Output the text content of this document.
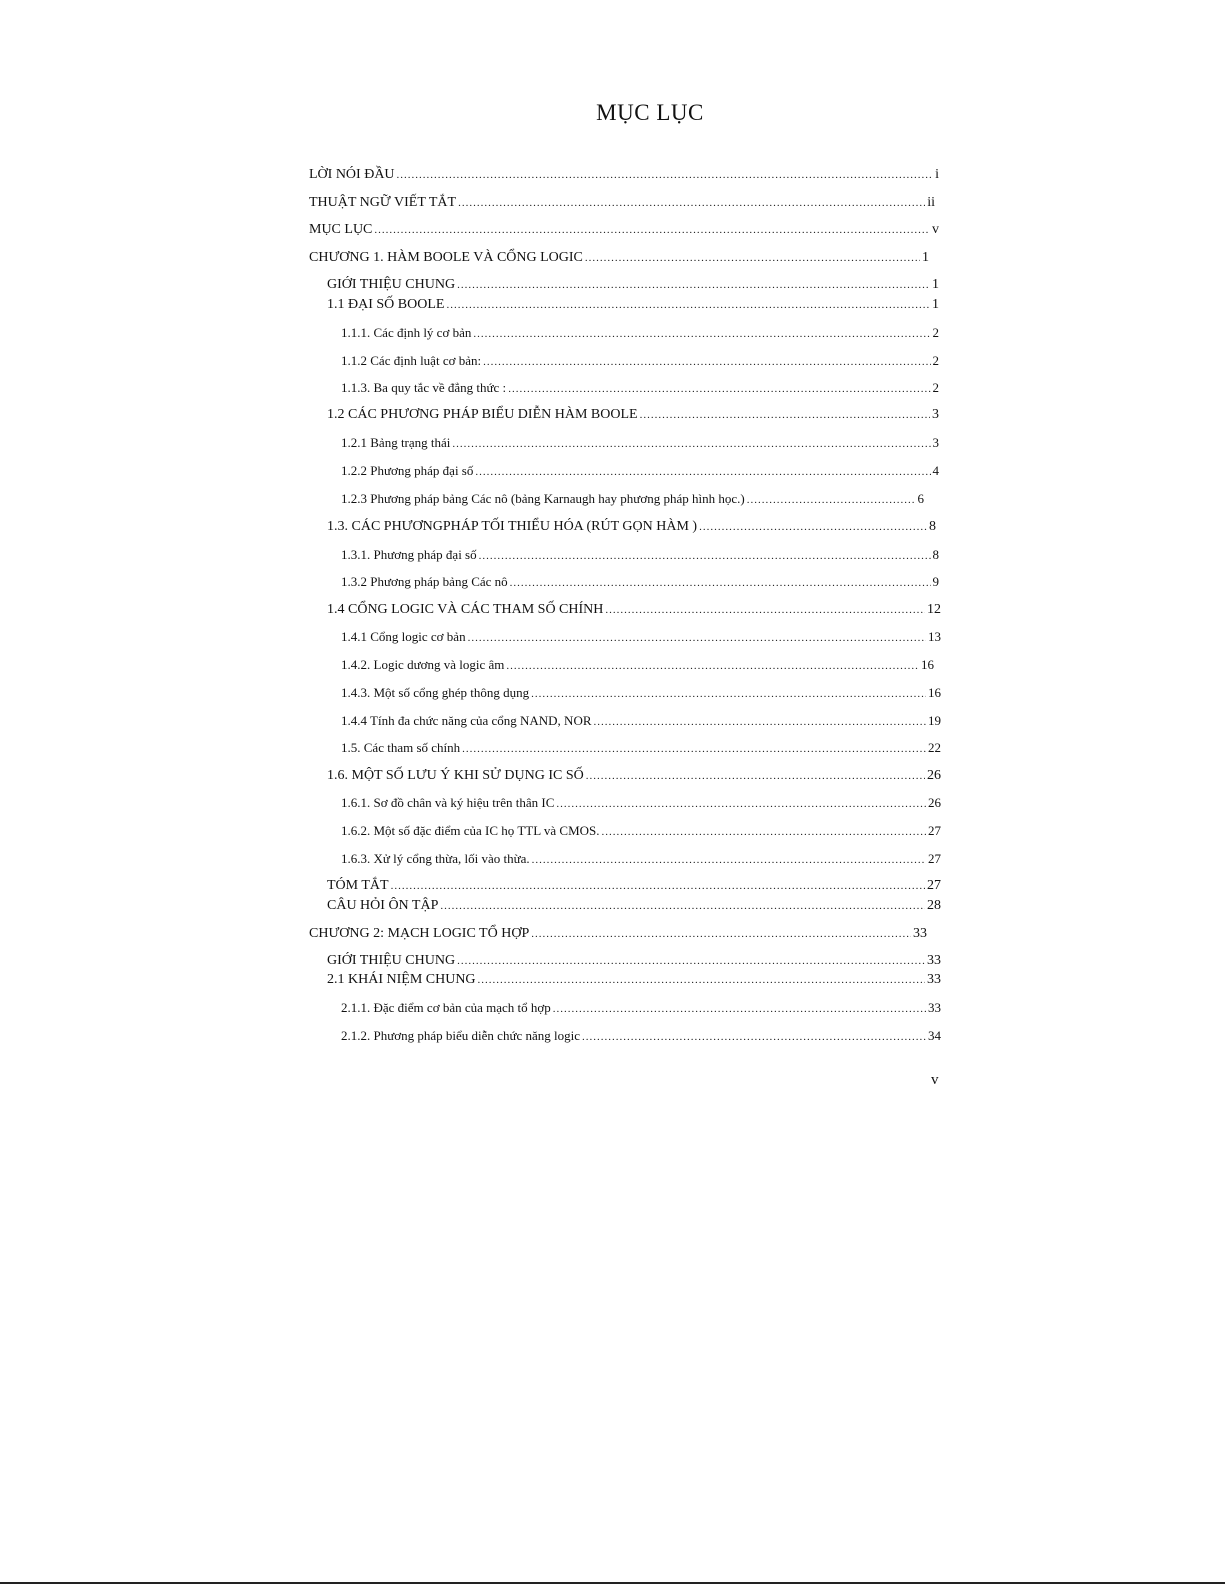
MỤC LỤC
LỜI NÓI ĐẦU .....	i
THUẬT NGỮ VIẾT TẮT .....	ii
MỤC LỤC .....	v
CHƯƠNG 1. HÀM BOOLE VÀ CỔNG LOGIC .....	1
GIỚI THIỆU CHUNG .....	1
1.1 ĐẠI SỐ BOOLE .....	1
1.1.1. Các định lý cơ bản .....	2
1.1.2 Các định luật cơ bản: .....	2
1.1.3. Ba quy tắc về đẳng thức : .....	2
1.2 CÁC PHƯƠNG PHÁP BIỂU DIỄN HÀM BOOLE .....	3
1.2.1 Bảng trạng thái .....	3
1.2.2 Phương pháp đại số .....	4
1.2.3 Phương pháp bảng Các nô (bảng Karnaugh hay phương pháp hình học.) .....	6
1.3. CÁC PHƯƠNGPHÁP TỐI THIỂU HÓA (RÚT GỌN HÀM ) .....	8
1.3.1. Phương pháp đại số .....	8
1.3.2 Phương pháp bảng Các nô .....	9
1.4 CỔNG LOGIC VÀ CÁC THAM SỐ CHÍNH .....	12
1.4.1 Cổng logic cơ bản .....	13
1.4.2. Logic dương và logic âm .....	16
1.4.3. Một số cổng ghép thông dụng .....	16
1.4.4 Tính đa chức năng của cổng NAND, NOR .....	19
1.5. Các tham số chính .....	22
1.6. MỘT SỐ LƯU Ý KHI SỬ DỤNG IC SỐ .....	26
1.6.1. Sơ đồ chân và ký hiệu trên thân IC .....	26
1.6.2. Một số đặc điểm của IC họ TTL và CMOS. .....	27
1.6.3. Xử lý cổng thừa, lối vào thừa. .....	27
TÓM TẮT .....	27
CÂU HỎI ÔN TẬP .....	28
CHƯƠNG 2: MẠCH LOGIC TỔ HỢP .....	33
GIỚI THIỆU CHUNG .....	33
2.1 KHÁI NIỆM CHUNG .....	33
2.1.1. Đặc điểm cơ bản của mạch tổ hợp .....	33
2.1.2. Phương pháp biểu diễn chức năng logic .....	34
v
